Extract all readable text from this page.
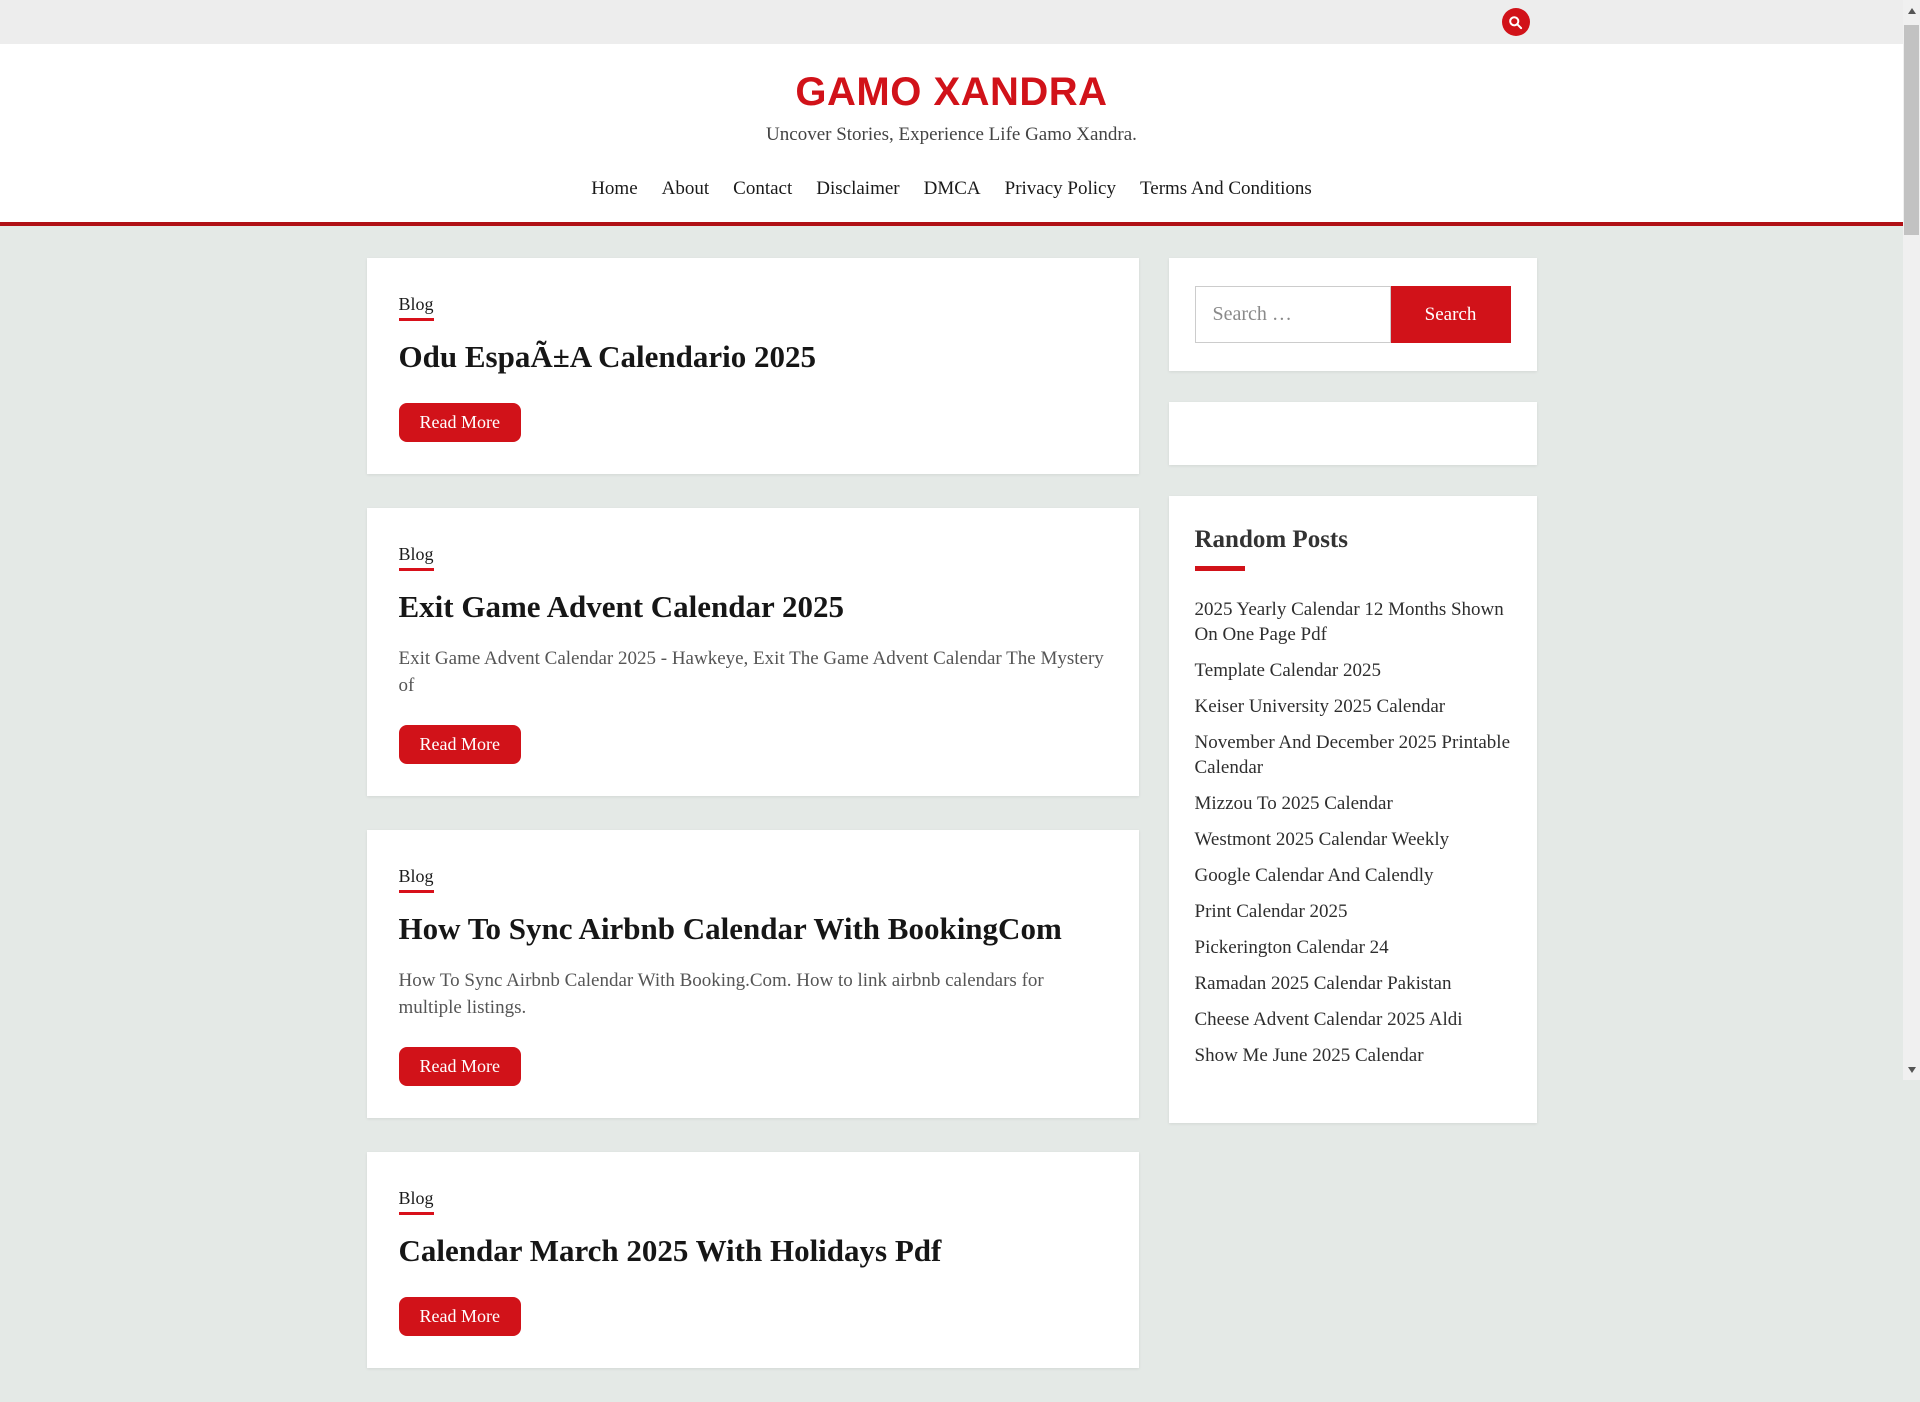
GAMO XANDRA

Uncover Stories, Experience Life Gamo Xandra.

Home About Contact Disclaimer DMCA Privacy Policy Terms And Conditions
Blog
Odu EspaÃ±A Calendario 2025
Read More
Blog
Exit Game Advent Calendar 2025

Exit Game Advent Calendar 2025 - Hawkeye, Exit The Game Advent Calendar The Mystery of

Read More
Blog
How To Sync Airbnb Calendar With BookingCom

How To Sync Airbnb Calendar With Booking.Com. How to link airbnb calendars for multiple listings.

Read More
Blog
Calendar March 2025 With Holidays Pdf
Read More
Search …
Search
Random Posts
2025 Yearly Calendar 12 Months Shown On One Page Pdf
Template Calendar 2025
Keiser University 2025 Calendar
November And December 2025 Printable Calendar
Mizzou To 2025 Calendar
Westmont 2025 Calendar Weekly
Google Calendar And Calendly
Print Calendar 2025
Pickerington Calendar 24
Ramadan 2025 Calendar Pakistan
Cheese Advent Calendar 2025 Aldi
Show Me June 2025 Calendar
